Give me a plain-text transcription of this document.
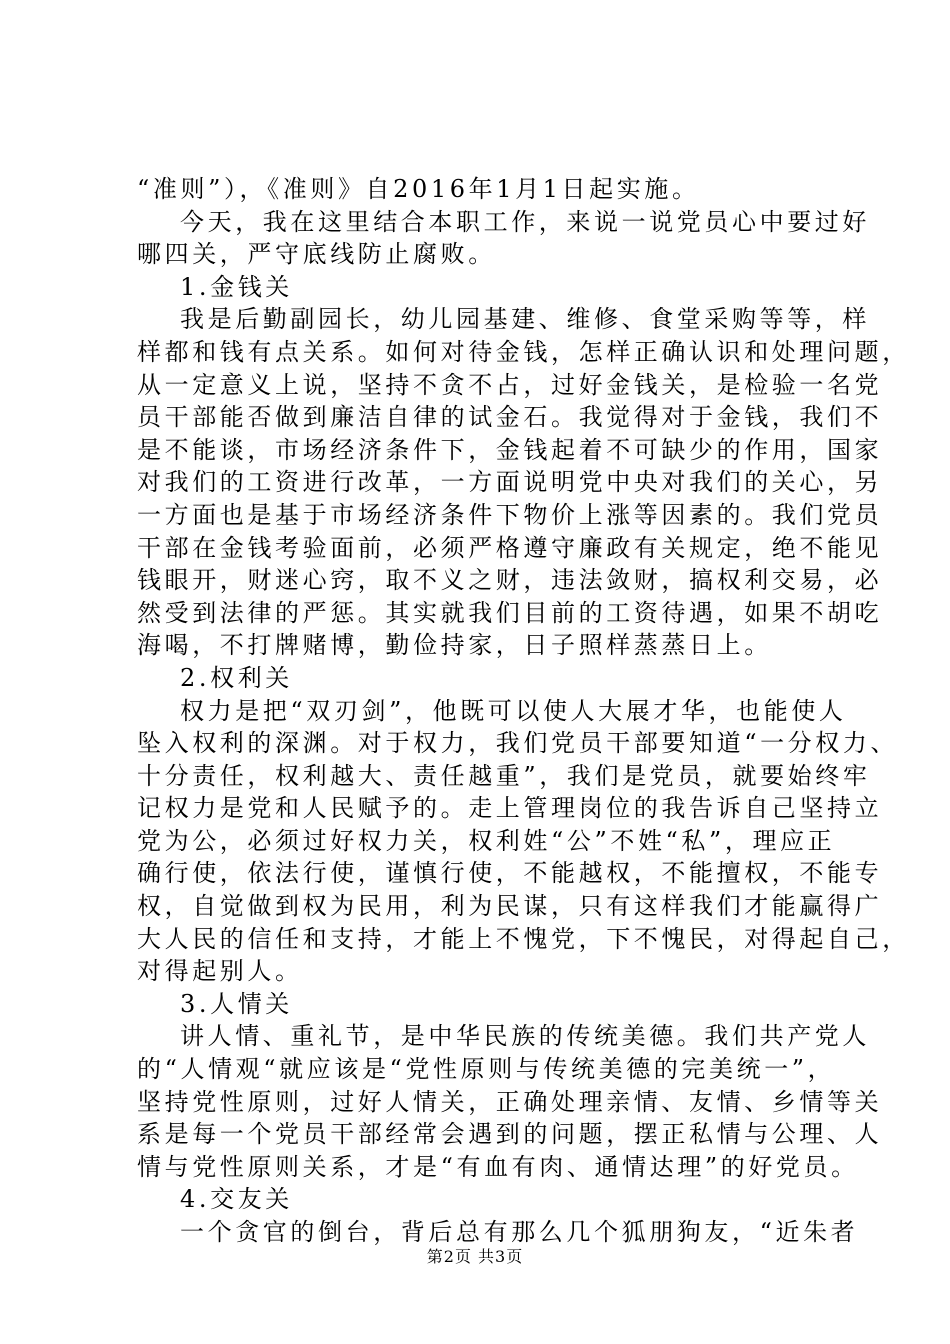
“准则”），《准则》自2016年1月1日起实施。
今天，我在这里结合本职工作，来说一说党员心中要过好
哪四关，严守底线防止腐败。
1.金钱关
我是后勤副园长，幼儿园基建、维修、食堂采购等等，样
样都和钱有点关系。如何对待金钱，怎样正确认识和处理问题，
从一定意义上说，坚持不贪不占，过好金钱关，是检验一名党
员干部能否做到廉洁自律的试金石。我觉得对于金钱，我们不
是不能谈，市场经济条件下，金钱起着不可缺少的作用，国家
对我们的工资进行改革，一方面说明党中央对我们的关心，另
一方面也是基于市场经济条件下物价上涨等因素的。我们党员
干部在金钱考验面前，必须严格遵守廉政有关规定，绝不能见
钱眼开，财迷心窍，取不义之财，违法敛财，搞权利交易，必
然受到法律的严惩。其实就我们目前的工资待遇，如果不胡吃
海喝，不打牌赌博，勤俭持家，日子照样蒸蒸日上。
2.权利关
权力是把“双刃剑”，他既可以使人大展才华，也能使人
坠入权利的深渊。对于权力，我们党员干部要知道“一分权力、
十分责任，权利越大、责任越重”，我们是党员，就要始终牢
记权力是党和人民赋予的。走上管理岗位的我告诉自己坚持立
党为公，必须过好权力关，权利姓“公”不姓“私”，理应正
确行使，依法行使，谨慎行使，不能越权，不能擅权，不能专
权，自觉做到权为民用，利为民谋，只有这样我们才能赢得广
大人民的信任和支持，才能上不愧党，下不愧民，对得起自己，
对得起别人。
3.人情关
讲人情、重礼节，是中华民族的传统美德。我们共产党人
的“人情观“就应该是“党性原则与传统美德的完美统一”，
坚持党性原则，过好人情关，正确处理亲情、友情、乡情等关
系是每一个党员干部经常会遇到的问题，摆正私情与公理、人
情与党性原则关系，才是“有血有肉、通情达理”的好党员。
4.交友关
一个贪官的倒台，背后总有那么几个狐朋狗友，“近朱者
第2页 共3页
